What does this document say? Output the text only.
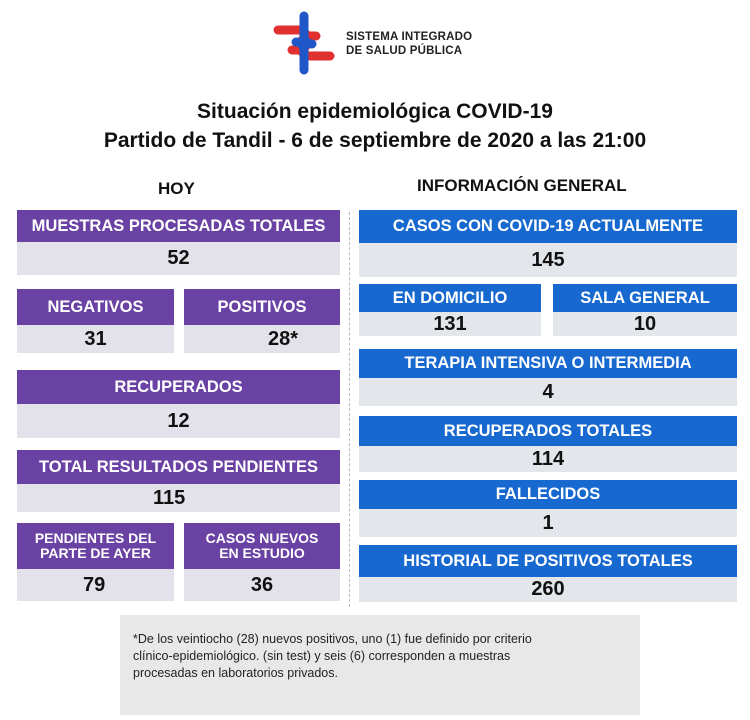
SISTEMA INTEGRADO
DE SALUD PÚBLICA
Situación epidemiológica COVID-19
Partido de Tandil - 6 de septiembre de 2020 a las 21:00
HOY	INFORMACIÓN GENERAL
MUESTRAS PROCESADAS TOTALES
52
NEGATIVOS
31
POSITIVOS
28*
RECUPERADOS
12
TOTAL RESULTADOS PENDIENTES
115
PENDIENTES DEL
PARTE DE AYER
79
CASOS NUEVOS
EN ESTUDIO
36
CASOS CON COVID-19 ACTUALMENTE
145
EN DOMICILIO
131
SALA GENERAL
10
TERAPIA INTENSIVA O INTERMEDIA
4
RECUPERADOS TOTALES
114
FALLECIDOS
1
HISTORIAL DE POSITIVOS TOTALES
260
*De los veintiocho (28) nuevos positivos, uno (1) fue definido por criterio
clínico-epidemiológico. (sin test) y seis (6) corresponden a muestras
procesadas en laboratorios privados.
